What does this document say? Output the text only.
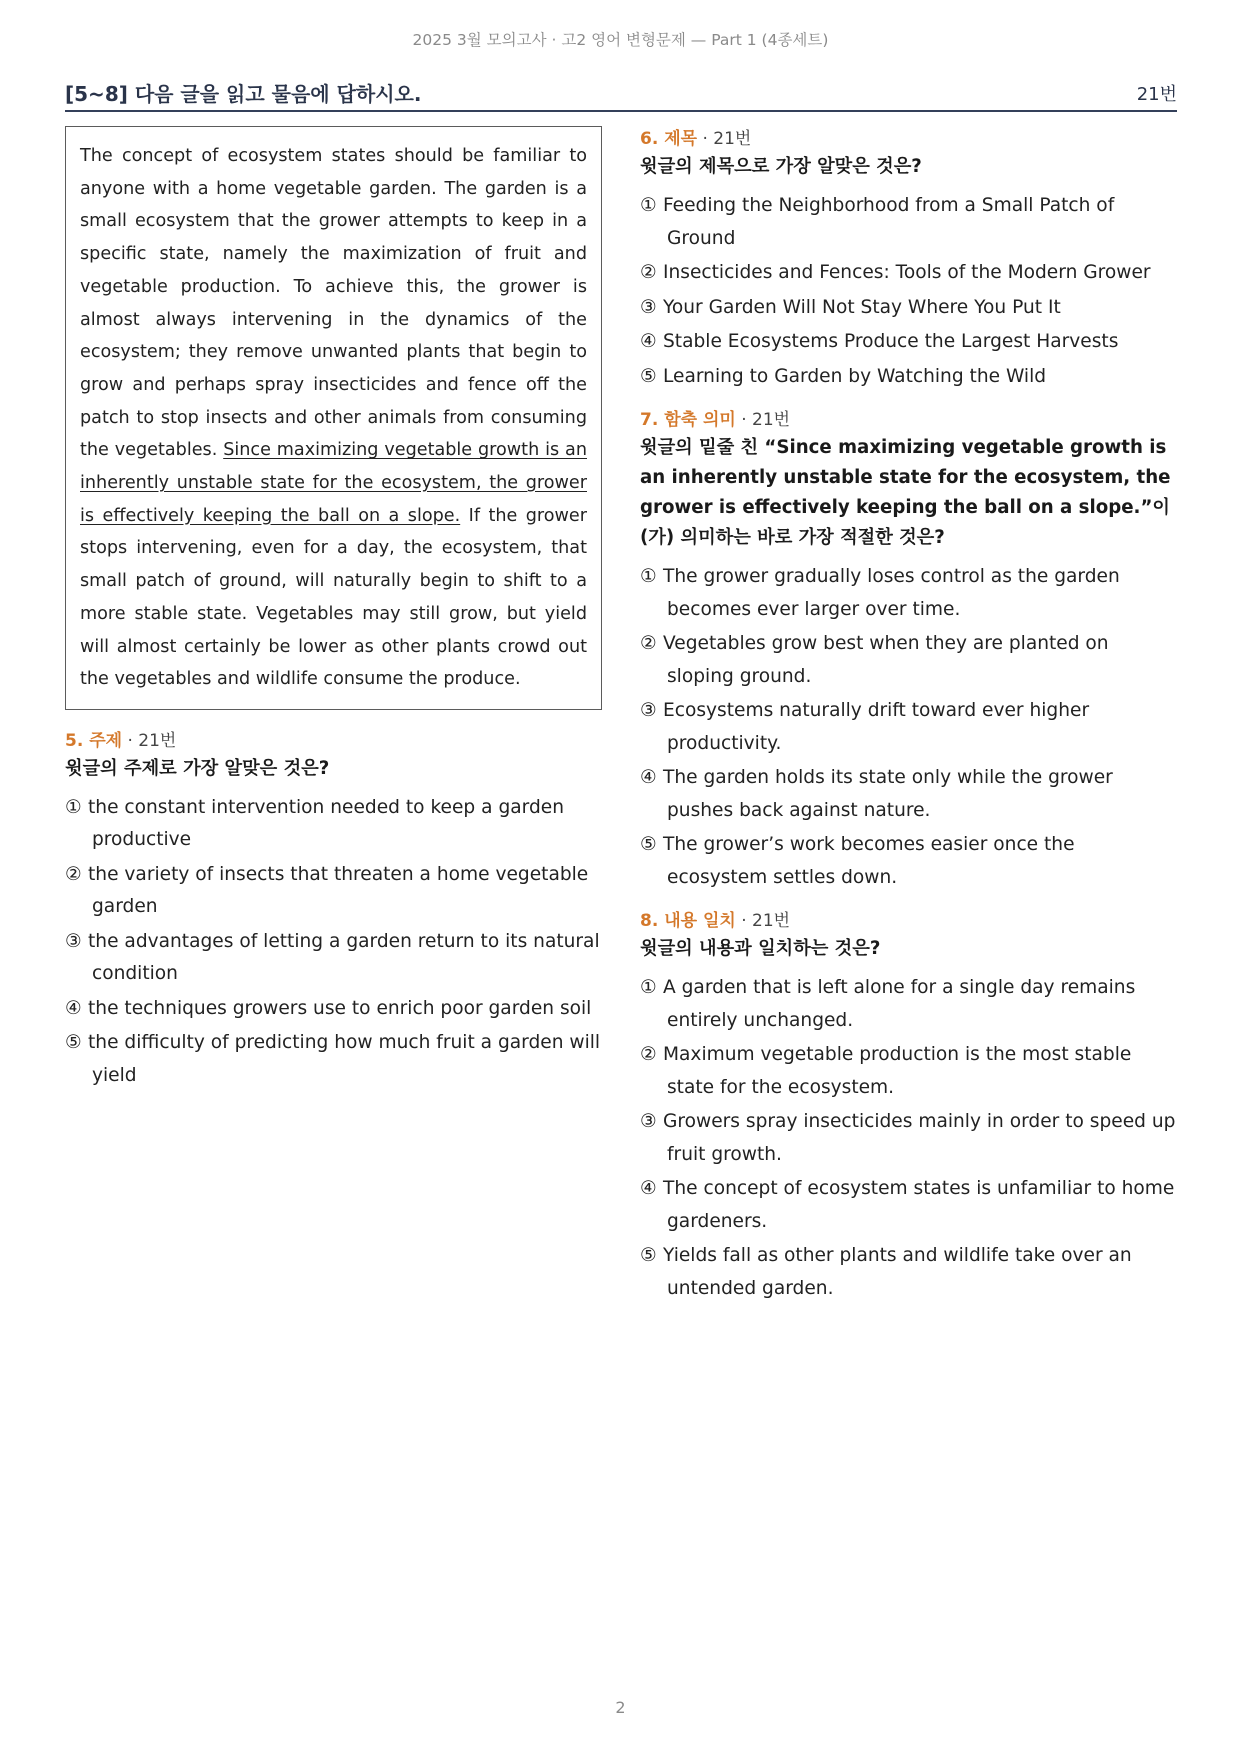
2025 3월 모의고사 · 고2 영어 변형문제 — Part 1 (4종세트)
[5~8] 다음 글을 읽고 물음에 답하시오.	21번
The concept of ecosystem states should be familiar to anyone with a home vegetable garden. The garden is a small ecosystem that the grower attempts to keep in a specific state, namely the maximization of fruit and vegetable production. To achieve this, the grower is almost always intervening in the dynamics of the ecosystem; they remove unwanted plants that begin to grow and perhaps spray insecticides and fence off the patch to stop insects and other animals from consuming the vegetables. Since maximizing vegetable growth is an inherently unstable state for the ecosystem, the grower is effectively keeping the ball on a slope. If the grower stops intervening, even for a day, the ecosystem, that small patch of ground, will naturally begin to shift to a more stable state. Vegetables may still grow, but yield will almost certainly be lower as other plants crowd out the vegetables and wildlife consume the produce.
5. 주제 · 21번
윗글의 주제로 가장 알맞은 것은?
① the constant intervention needed to keep a garden productive
② the variety of insects that threaten a home vegetable garden
③ the advantages of letting a garden return to its natural condition
④ the techniques growers use to enrich poor garden soil
⑤ the difficulty of predicting how much fruit a garden will yield
6. 제목 · 21번
윗글의 제목으로 가장 알맞은 것은?
① Feeding the Neighborhood from a Small Patch of Ground
② Insecticides and Fences: Tools of the Modern Grower
③ Your Garden Will Not Stay Where You Put It
④ Stable Ecosystems Produce the Largest Harvests
⑤ Learning to Garden by Watching the Wild
7. 함축 의미 · 21번
윗글의 밑줄 친 “Since maximizing vegetable growth is an inherently unstable state for the ecosystem, the grower is effectively keeping the ball on a slope.”이(가) 의미하는 바로 가장 적절한 것은?
① The grower gradually loses control as the garden becomes ever larger over time.
② Vegetables grow best when they are planted on sloping ground.
③ Ecosystems naturally drift toward ever higher productivity.
④ The garden holds its state only while the grower pushes back against nature.
⑤ The grower’s work becomes easier once the ecosystem settles down.
8. 내용 일치 · 21번
윗글의 내용과 일치하는 것은?
① A garden that is left alone for a single day remains entirely unchanged.
② Maximum vegetable production is the most stable state for the ecosystem.
③ Growers spray insecticides mainly in order to speed up fruit growth.
④ The concept of ecosystem states is unfamiliar to home gardeners.
⑤ Yields fall as other plants and wildlife take over an untended garden.
2
